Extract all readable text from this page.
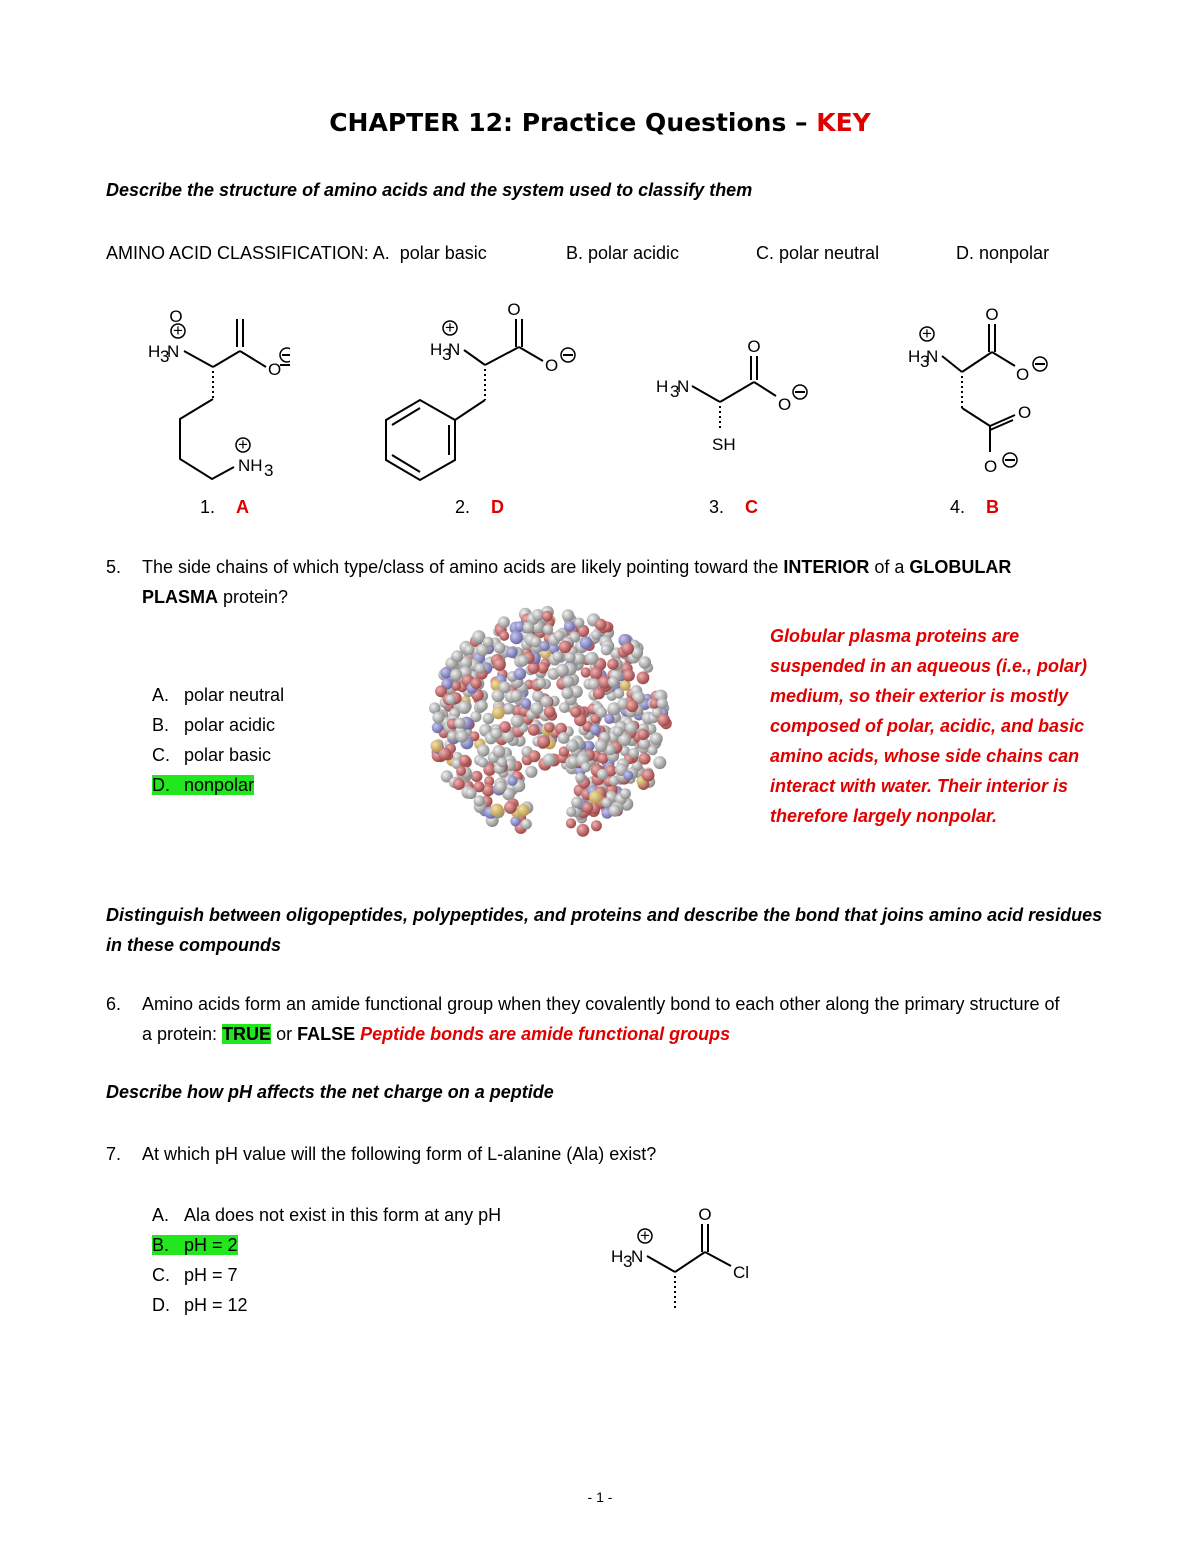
CHAPTER 12: Practice Questions – KEY
Describe the structure of amino acids and the system used to classify them
AMINO ACID CLASSIFICATION: A. polar basic	B. polar acidic	C. polar neutral	D. nonpolar
O
+
H 3
N
O
+
NH 3
O
+
H 3
N
O
O
H 3
N
O
SH
O
+
H 3
N
O
O
O
1. A	2. D	3. C	4. B
5.	The side chains of which type/class of amino acids are likely pointing toward the INTERIOR of a GLOBULAR
PLASMA protein?
A. polar neutral
B. polar acidic
C. polar basic
D. nonpolar
Globular plasma proteins are suspended in an aqueous (i.e., polar) medium, so their exterior is mostly composed of polar, acidic, and basic amino acids, whose side chains can interact with water. Their interior is therefore largely nonpolar.
Distinguish between oligopeptides, polypeptides, and proteins and describe the bond that joins amino acid residues in these compounds
6.	Amino acids form an amide functional group when they covalently bond to each other along the primary structure of
a protein: TRUE or FALSE Peptide bonds are amide functional groups
Describe how pH affects the net charge on a peptide
7. At which pH value will the following form of L-alanine (Ala) exist?
A. Ala does not exist in this form at any pH
B. pH = 2
C. pH = 7
D. pH = 12
O
+
H 3
N
Cl
- 1 -
